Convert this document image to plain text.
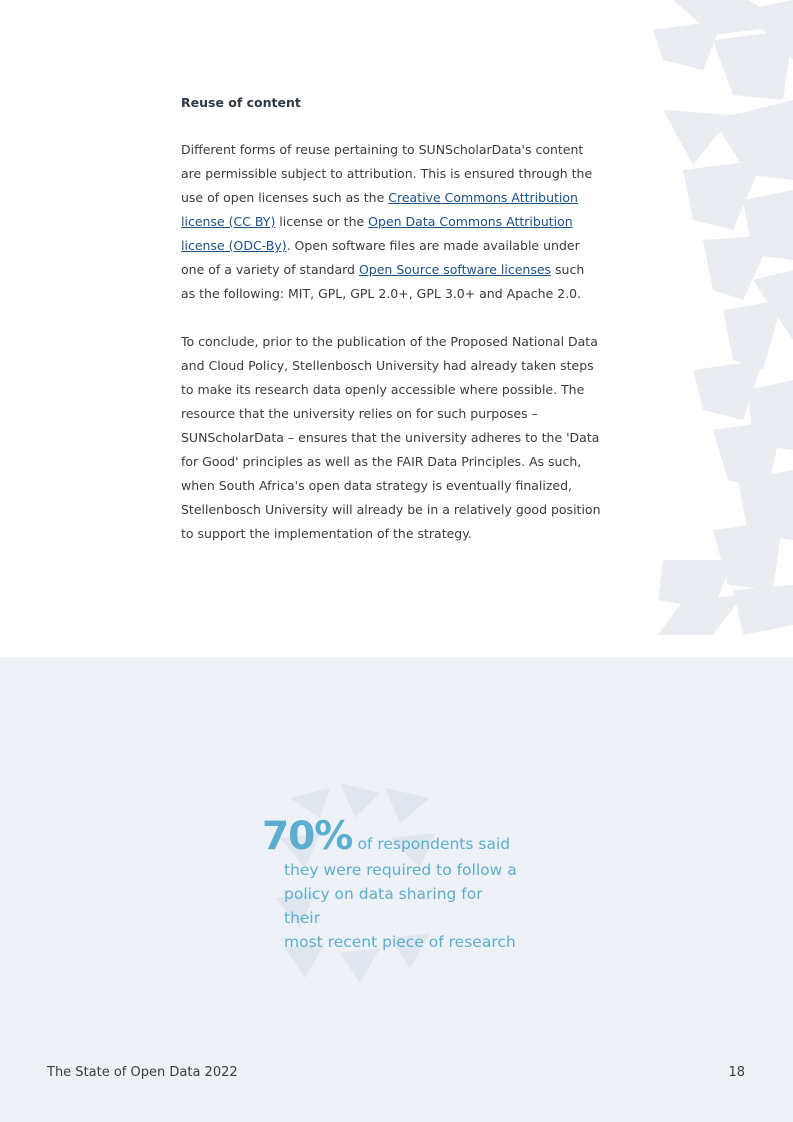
Reuse of content

Different forms of reuse pertaining to SUNScholarData's content are permissible subject to attribution. This is ensured through the use of open licenses such as the Creative Commons Attribution license (CC BY) license or the Open Data Commons Attribution license (ODC-By). Open software files are made available under one of a variety of standard Open Source software licenses such as the following: MIT, GPL, GPL 2.0+, GPL 3.0+ and Apache 2.0.

To conclude, prior to the publication of the Proposed National Data and Cloud Policy, Stellenbosch University had already taken steps to make its research data openly accessible where possible. The resource that the university relies on for such purposes – SUNScholarData – ensures that the university adheres to the 'Data for Good' principles as well as the FAIR Data Principles. As such, when South Africa's open data strategy is eventually finalized, Stellenbosch University will already be in a relatively good position to support the implementation of the strategy.

70% of respondents said
they were required to follow a
policy on data sharing for their
most recent piece of research
The State of Open Data 2022	18
